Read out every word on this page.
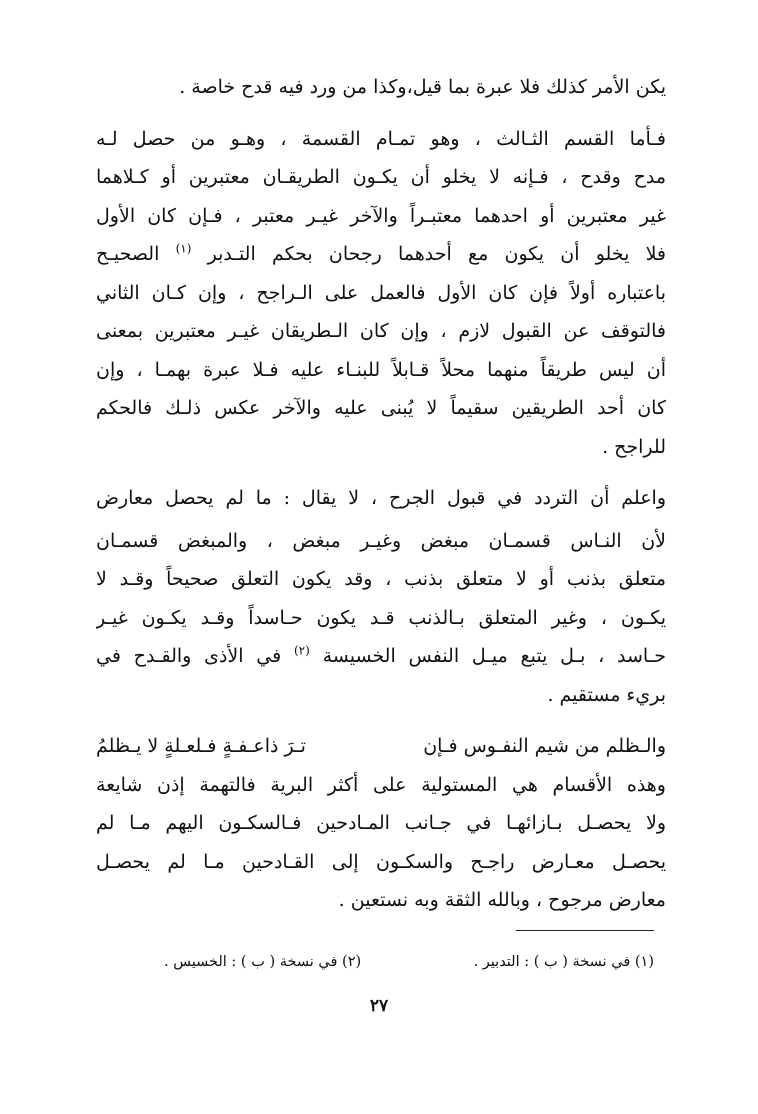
يكن الأمر كذلك فلا عبرة بما قيل،وكذا من ورد فيه قدح خاصة .
فـأما القسم الثـالث ، وهو تمـام القسمة ، وهـو من حصل لـه
مدح وقدح ، فـإنه لا يخلو أن يكـون الطريقـان معتبرين أو كـلاهما
غير معتبرين أو احدهما معتبـراً والآخر غيـر معتبر ، فـإن كان الأول
فلا يخلو أن يكون مع أحدهما رجحان بحكم التـدبر $^{(١)}$ الصحيـح
باعتباره أولاً فإن كان الأول فالعمل على الـراجح ، وإن كـان الثاني
فالتوقف عن القبول لازم ، وإن كان الـطريقان غيـر معتبرين بمعنى
أن ليس طريقاً منهما محلاً قـابلاً للبنـاء عليه فـلا عبرة بهمـا ، وإن
كان أحد الطريقين سقيماً لا يُبنى عليه والآخر عكس ذلـك فالحكم
للراجح .
واعلم أن التردد في قبول الجرح ، لا يقال : ما لم يحصل معارض
لأن النـاس قسمـان مبغض وغيـر مبغض ، والمبغض قسمـان
متعلق بذنب أو لا متعلق بذنب ، وقد يكون التعلق صحيحاً وقـد لا
يكـون ، وغير المتعلق بـالذنب قـد يكون حـاسداً وقـد يكـون غيـر
حـاسد ، بـل يتبع ميـل النفس الخسيسة $^{(٢)}$ في الأذى والقـدح في
بريء مستقيم .
والـظلم من شيم النفـوس فـإن
تـرَ ذاعـفـةٍ فـلعـلةٍ لا يـظلمُ
وهذه الأقسام هي المستولية على أكثر البرية فالتهمة إذن شايعة
ولا يحصـل بـازائهـا في جـانب المـادحين فـالسكـون اليهم مـا لم
يحصـل معـارض راجـح والسكـون إلى القـادحين مـا لم يحصـل
معارض مرجوح ، وبالله الثقة وبه نستعين .
(١) في نسخة ( ب ) : التدبير .
(٢) في نسخة ( ب ) : الخسيس .
٢٧
